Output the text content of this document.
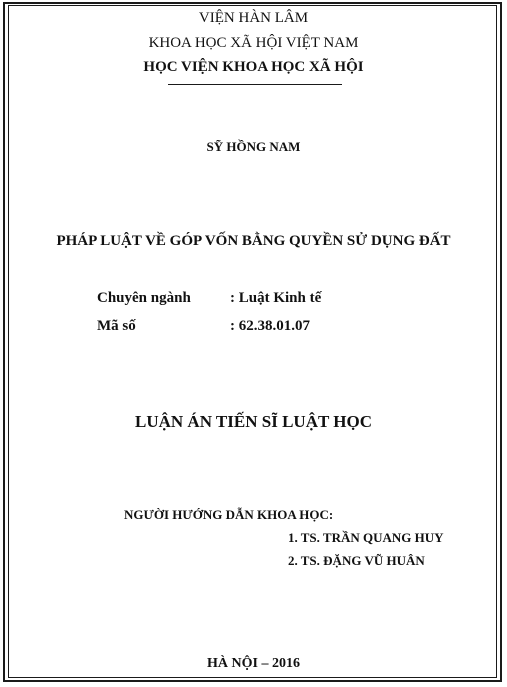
VIỆN HÀN LÂM
KHOA HỌC XÃ HỘI VIỆT NAM
HỌC VIỆN KHOA HỌC XÃ HỘI
SỸ HỒNG NAM
PHÁP LUẬT VỀ GÓP VỐN BẰNG QUYỀN SỬ DỤNG ĐẤT
Chuyên ngành	: Luật Kinh tế
Mã số	: 62.38.01.07
LUẬN ÁN TIẾN SĨ LUẬT HỌC
NGƯỜI HƯỚNG DẪN KHOA HỌC:
1. TS. TRẦN QUANG HUY
2. TS. ĐẶNG VŨ HUÂN
HÀ NỘI – 2016
